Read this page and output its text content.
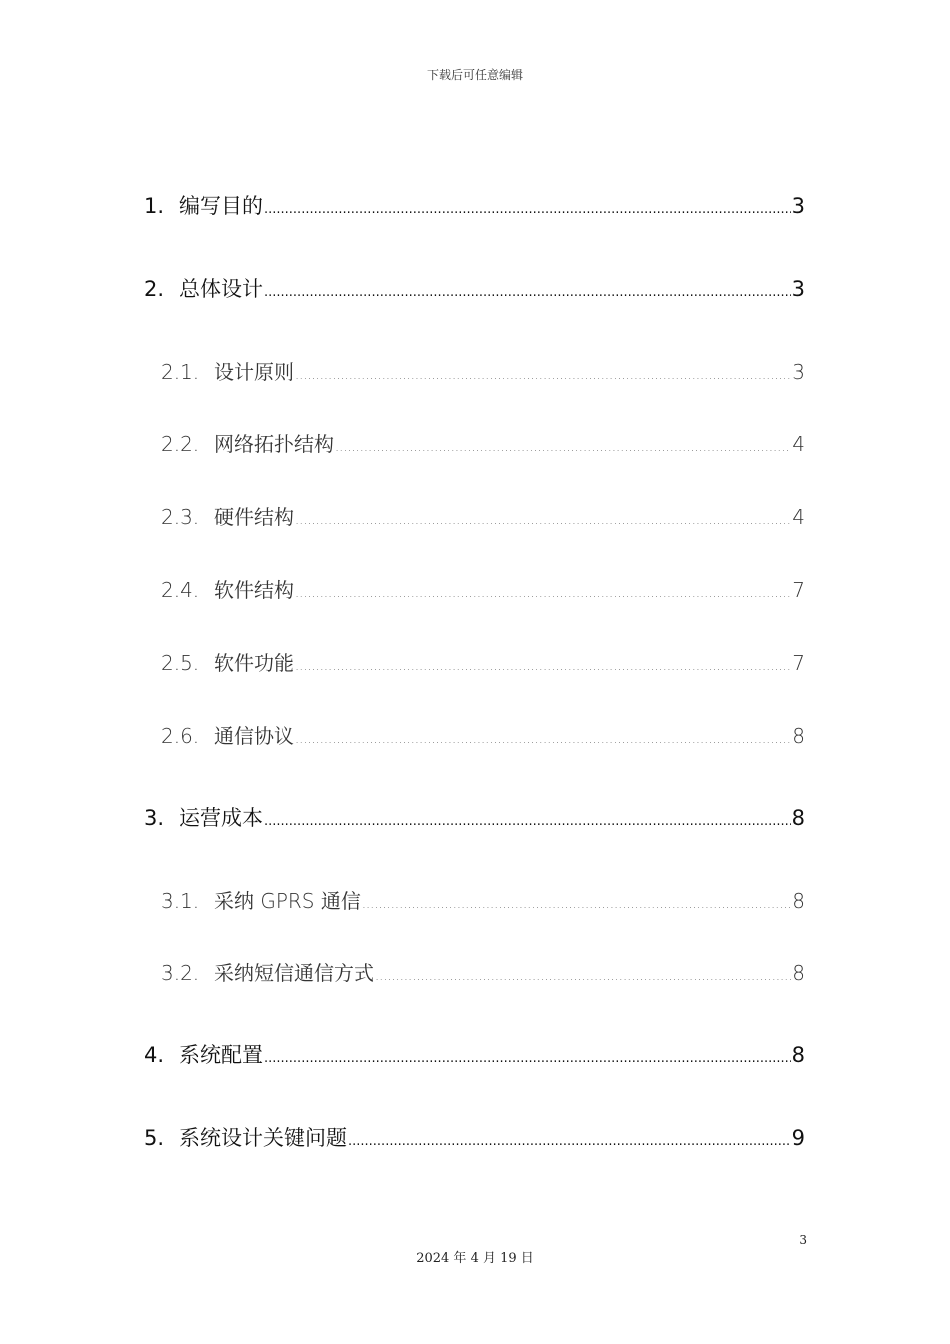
下载后可任意编辑
1. 编写目的 .....	3
2. 总体设计 .....	3
2.1. 设计原则 .....	3
2.2. 网络拓扑结构 .....	4
2.3. 硬件结构 .....	4
2.4. 软件结构 .....	7
2.5. 软件功能 .....	7
2.6. 通信协议 .....	8
3. 运营成本 .....	8
3.1. 采纳 GPRS 通信 .....	8
3.2. 采纳短信通信方式 .....	8
4. 系统配置 .....	8
5. 系统设计关键问题 .....	9
3
2024 年 4 月 19 日
